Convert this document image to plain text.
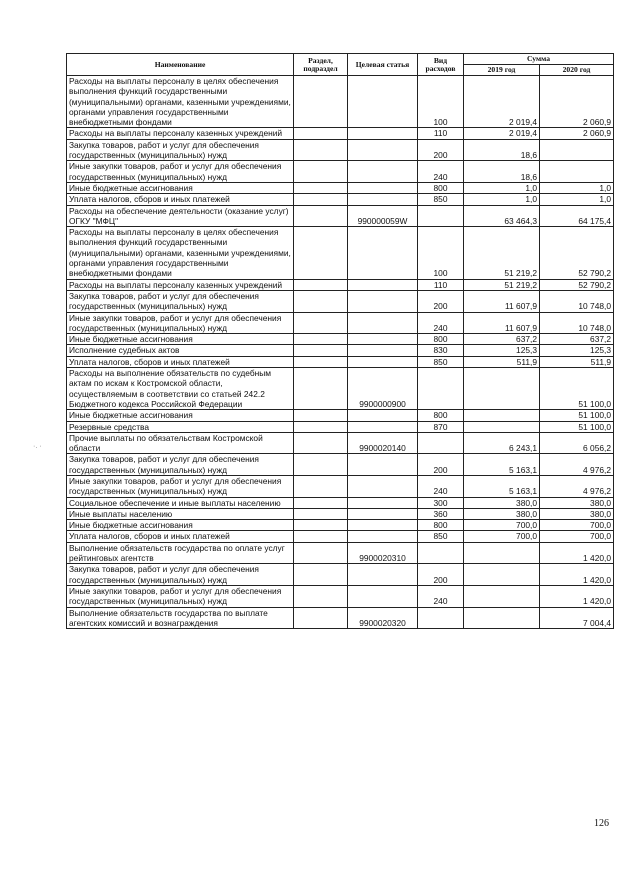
Наименование	Раздел, подраздел	Целевая статья	Вид расходов	Сумма	
				2019 год	2020 год
Расходы на выплаты персоналу в целях обеспечения выполнения функций государственными (муниципальными) органами, казенными учреждениями, органами управления государственными внебюджетными фондами			100	2 019,4	2 060,9
Расходы на выплаты персоналу казенных учреждений			110	2 019,4	2 060,9
Закупка товаров, работ и услуг для обеспечения государственных (муниципальных) нужд			200	18,6	
Иные закупки товаров, работ и услуг для обеспечения государственных (муниципальных) нужд			240	18,6	
Иные бюджетные ассигнования			800	1,0	1,0
Уплата налогов, сборов и иных платежей			850	1,0	1,0
Расходы на обеспечение деятельности (оказание услуг) ОГКУ "МФЦ"		990000059W		63 464,3	64 175,4
Расходы на выплаты персоналу в целях обеспечения выполнения функций государственными (муниципальными) органами, казенными учреждениями, органами управления государственными внебюджетными фондами			100	51 219,2	52 790,2
Расходы на выплаты персоналу казенных учреждений			110	51 219,2	52 790,2
Закупка товаров, работ и услуг для обеспечения государственных (муниципальных) нужд			200	11 607,9	10 748,0
Иные закупки товаров, работ и услуг для обеспечения государственных (муниципальных) нужд			240	11 607,9	10 748,0
Иные бюджетные ассигнования			800	637,2	637,2
Исполнение судебных актов			830	125,3	125,3
Уплата налогов, сборов и иных платежей			850	511,9	511,9
Расходы на выполнение обязательств по судебным актам по искам к Костромской области, осуществляемым в соответствии со статьей 242.2 Бюджетного кодекса Российской Федерации		9900000900			51 100,0
Иные бюджетные ассигнования			800		51 100,0
Резервные средства			870		51 100,0
Прочие выплаты по обязательствам Костромской области		9900020140		6 243,1	6 056,2
Закупка товаров, работ и услуг для обеспечения государственных (муниципальных) нужд			200	5 163,1	4 976,2
Иные закупки товаров, работ и услуг для обеспечения государственных (муниципальных) нужд			240	5 163,1	4 976,2
Социальное обеспечение и иные выплаты населению			300	380,0	380,0
Иные выплаты населению			360	380,0	380,0
Иные бюджетные ассигнования			800	700,0	700,0
Уплата налогов, сборов и иных платежей			850	700,0	700,0
Выполнение обязательств государства по оплате услуг рейтинговых агентств		9900020310			1 420,0
Закупка товаров, работ и услуг для обеспечения государственных (муниципальных) нужд			200		1 420,0
Иные закупки товаров, работ и услуг для обеспечения государственных (муниципальных) нужд			240		1 420,0
Выполнение обязательств государства по выплате агентских комиссий и вознаграждения		9900020320			7 004,4
·. ·
126
